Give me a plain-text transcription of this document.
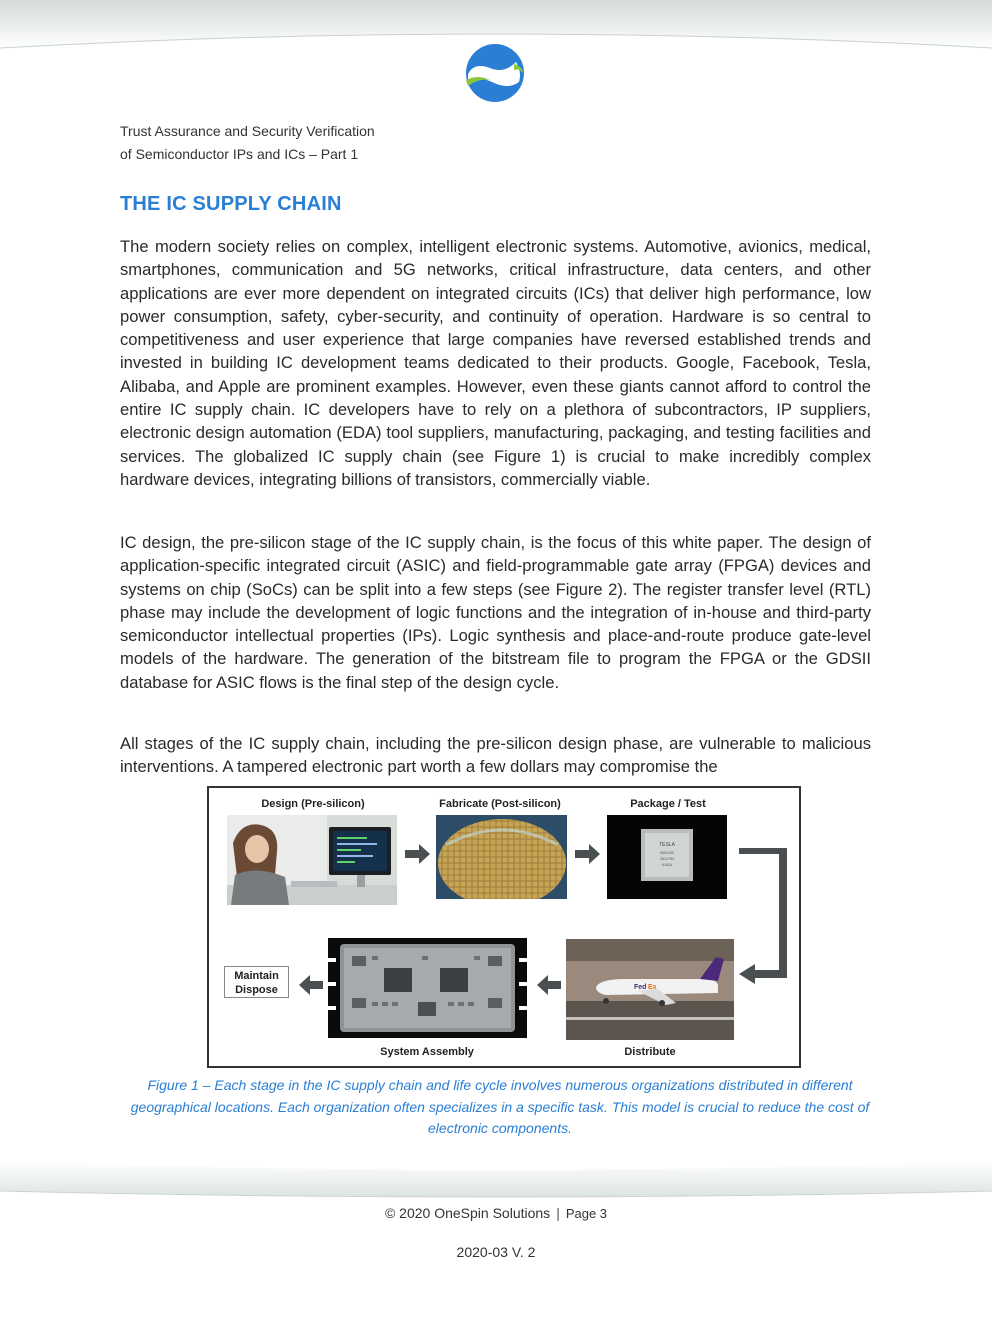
Trust Assurance and Security Verification
of Semiconductor IPs and ICs – Part 1
THE IC SUPPLY CHAIN

The modern society relies on complex, intelligent electronic systems. Automotive, avionics, medical, smartphones, communication and 5G networks, critical infrastructure, data centers, and other applications are ever more dependent on integrated circuits (ICs) that deliver high performance, low power consumption, safety, cyber-security, and continuity of operation. Hardware is so central to competitiveness and user experience that large companies have reversed established trends and invested in building IC development teams dedicated to their products. Google, Facebook, Tesla, Alibaba, and Apple are prominent examples. However, even these giants cannot afford to control the entire IC supply chain. IC developers have to rely on a plethora of subcontractors, IP suppliers, electronic design automation (EDA) tool suppliers, manufacturing, packaging, and testing facilities and services. The globalized IC supply chain (see Figure 1) is crucial to make incredibly complex hardware devices, integrating billions of transistors, commercially viable.

IC design, the pre-silicon stage of the IC supply chain, is the focus of this white paper. The design of application-specific integrated circuit (ASIC) and field-programmable gate array (FPGA) devices and systems on chip (SoCs) can be split into a few steps (see Figure 2). The register transfer level (RTL) phase may include the development of logic functions and the integration of in-house and third-party semiconductor intellectual properties (IPs). Logic synthesis and place-and-route produce gate-level models of the hardware. The generation of the bitstream file to program the FPGA or the GDSII database for ASIC flows is the final step of the design cycle.

All stages of the IC supply chain, including the pre-silicon design phase, are vulnerable to malicious interventions. A tampered electronic part worth a few dollars may compromise the

Design (Pre-silicon)	Fabricate (Post-silicon)	Package / Test
TESLA
0500160
0812784
61834
Fed Ex
Maintain
Dispose
System Assembly	Distribute
Figure 1 – Each stage in the IC supply chain and life cycle involves numerous organizations distributed in different geographical locations. Each organization often specializes in a specific task. This model is crucial to reduce the cost of electronic components.
© 2020 OneSpin Solutions | Page 3
2020-03 V. 2
